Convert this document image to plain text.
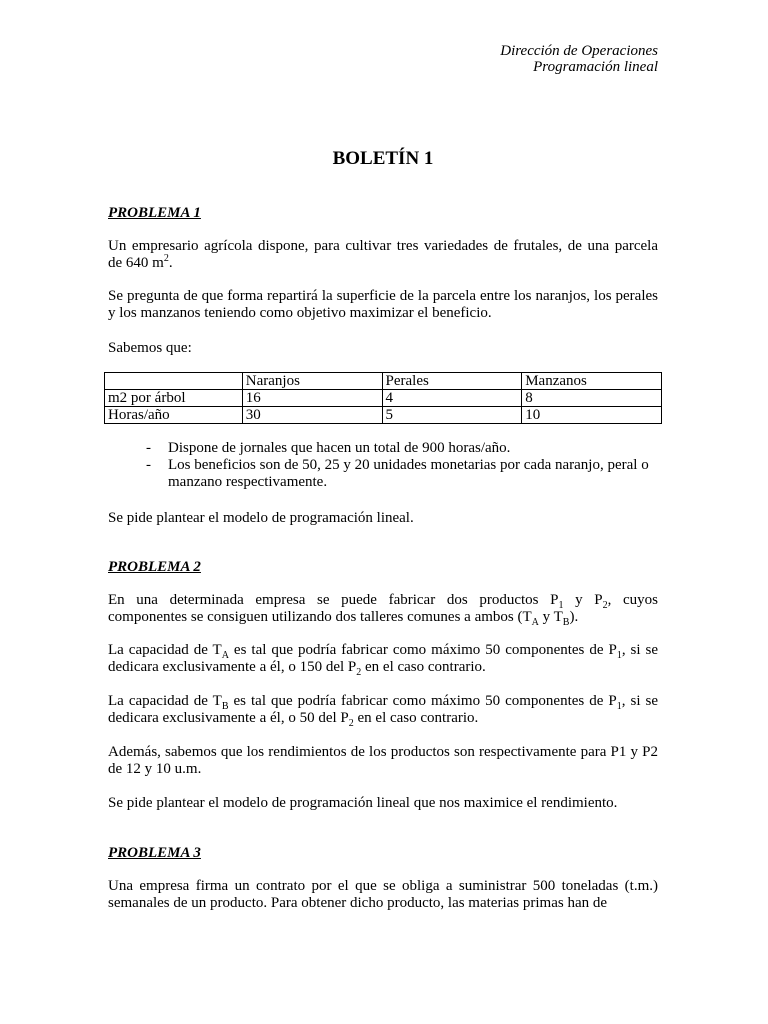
Dirección de Operaciones
Programación lineal
BOLETÍN 1
PROBLEMA 1
Un empresario agrícola dispone, para cultivar tres variedades de frutales, de una parcela
de 640 $m^2$.
Se pregunta de que forma repartirá la superficie de la parcela entre los naranjos, los perales y los manzanos teniendo como objetivo maximizar el beneficio.
Sabemos que:
	Naranjos	Perales	Manzanos
m2 por árbol	16	4	8
Horas/año	30	5	10
- Dispone de jornales que hacen un total de 900 horas/año.
- Los beneficios son de 50, 25 y 20 unidades monetarias por cada naranjo, peral o manzano respectivamente.
Se pide plantear el modelo de programación lineal.
PROBLEMA 2
En una determinada empresa se puede fabricar dos productos $P_1$ y $P_2$, cuyos
componentes se consiguen utilizando dos talleres comunes a ambos ($T_A$ y $T_B$).
La capacidad de $T_A$ es tal que podría fabricar como máximo 50 componentes de $P_1$, si se
dedicara exclusivamente a él, o 150 del $P_2$ en el caso contrario.
La capacidad de $T_B$ es tal que podría fabricar como máximo 50 componentes de $P_1$, si se
dedicara exclusivamente a él, o 50 del $P_2$ en el caso contrario.
Además, sabemos que los rendimientos de los productos son respectivamente para P1 y P2 de 12 y 10 u.m.
Se pide plantear el modelo de programación lineal que nos maximice el rendimiento.
PROBLEMA 3
Una empresa firma un contrato por el que se obliga a suministrar 500 toneladas (t.m.) semanales de un producto. Para obtener dicho producto, las materias primas han de
